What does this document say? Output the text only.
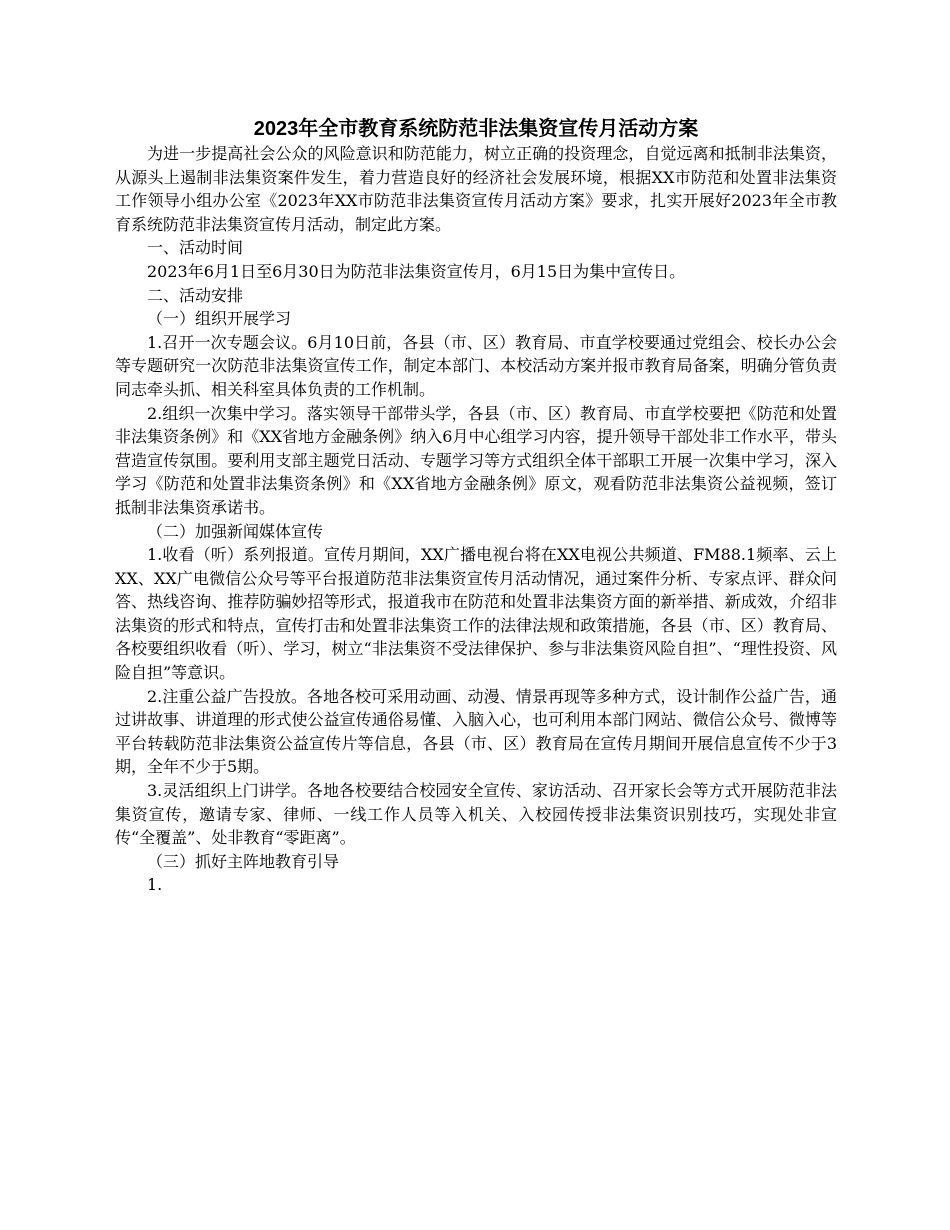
2023年全市教育系统防范非法集资宣传月活动方案

为进一步提高社会公众的风险意识和防范能力，树立正确的投资理念，自觉远离和抵制非法集资，从源头上遏制非法集资案件发生，着力营造良好的经济社会发展环境，根据XX市防范和处置非法集资工作领导小组办公室《2023年XX市防范非法集资宣传月活动方案》要求，扎实开展好2023年全市教育系统防范非法集资宣传月活动，制定此方案。

一、活动时间

2023年6月1日至6月30日为防范非法集资宣传月，6月15日为集中宣传日。

二、活动安排

（一）组织开展学习

1.召开一次专题会议。6月10日前，各县（市、区）教育局、市直学校要通过党组会、校长办公会等专题研究一次防范非法集资宣传工作，制定本部门、本校活动方案并报市教育局备案，明确分管负责同志牵头抓、相关科室具体负责的工作机制。

2.组织一次集中学习。落实领导干部带头学，各县（市、区）教育局、市直学校要把《防范和处置非法集资条例》和《XX省地方金融条例》纳入6月中心组学习内容，提升领导干部处非工作水平，带头营造宣传氛围。要利用支部主题党日活动、专题学习等方式组织全体干部职工开展一次集中学习，深入学习《防范和处置非法集资条例》和《XX省地方金融条例》原文，观看防范非法集资公益视频，签订抵制非法集资承诺书。

（二）加强新闻媒体宣传

1.收看（听）系列报道。宣传月期间，XX广播电视台将在XX电视公共频道、FM88.1频率、云上XX、XX广电微信公众号等平台报道防范非法集资宣传月活动情况，通过案件分析、专家点评、群众问答、热线咨询、推荐防骗妙招等形式，报道我市在防范和处置非法集资方面的新举措、新成效，介绍非法集资的形式和特点，宣传打击和处置非法集资工作的法律法规和政策措施，各县（市、区）教育局、各校要组织收看（听）、学习，树立“非法集资不受法律保护、参与非法集资风险自担”、“理性投资、风险自担”等意识。

2.注重公益广告投放。各地各校可采用动画、动漫、情景再现等多种方式，设计制作公益广告，通过讲故事、讲道理的形式使公益宣传通俗易懂、入脑入心，也可利用本部门网站、微信公众号、微博等平台转载防范非法集资公益宣传片等信息，各县（市、区）教育局在宣传月期间开展信息宣传不少于3期，全年不少于5期。

3.灵活组织上门讲学。各地各校要结合校园安全宣传、家访活动、召开家长会等方式开展防范非法集资宣传，邀请专家、律师、一线工作人员等入机关、入校园传授非法集资识别技巧，实现处非宣传“全覆盖”、处非教育“零距离”。

（三）抓好主阵地教育引导

1.
